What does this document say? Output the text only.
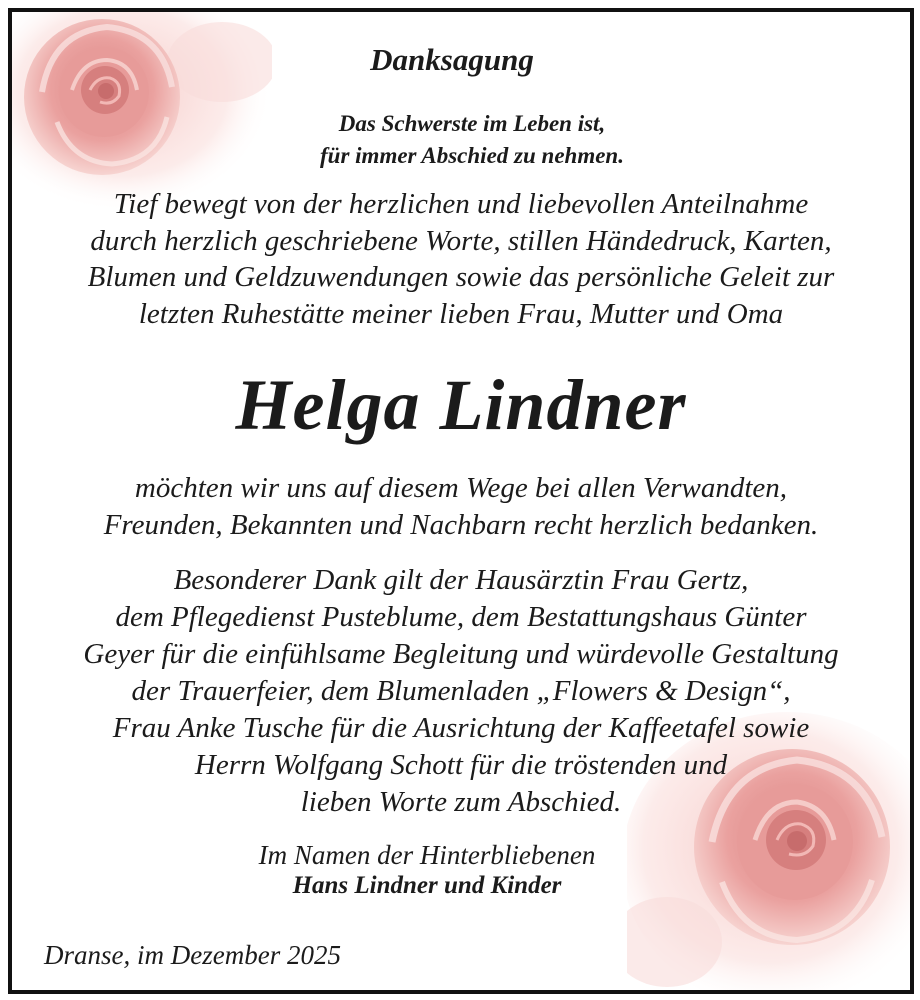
Danksagung
Das Schwerste im Leben ist,
für immer Abschied zu nehmen.
Tief bewegt von der herzlichen und liebevollen Anteilnahme
durch herzlich geschriebene Worte, stillen Händedruck, Karten,
Blumen und Geldzuwendungen sowie das persönliche Geleit zur
letzten Ruhestätte meiner lieben Frau, Mutter und Oma
Helga Lindner
möchten wir uns auf diesem Wege bei allen Verwandten,
Freunden, Bekannten und Nachbarn recht herzlich bedanken.
Besonderer Dank gilt der Hausärztin Frau Gertz,
dem Pflegedienst Pusteblume, dem Bestattungshaus Günter
Geyer für die einfühlsame Begleitung und würdevolle Gestaltung
der Trauerfeier, dem Blumenladen „Flowers & Design“,
Frau Anke Tusche für die Ausrichtung der Kaffeetafel sowie
Herrn Wolfgang Schott für die tröstenden und
lieben Worte zum Abschied.
Im Namen der Hinterbliebenen
Hans Lindner und Kinder
Dranse, im Dezember 2025
